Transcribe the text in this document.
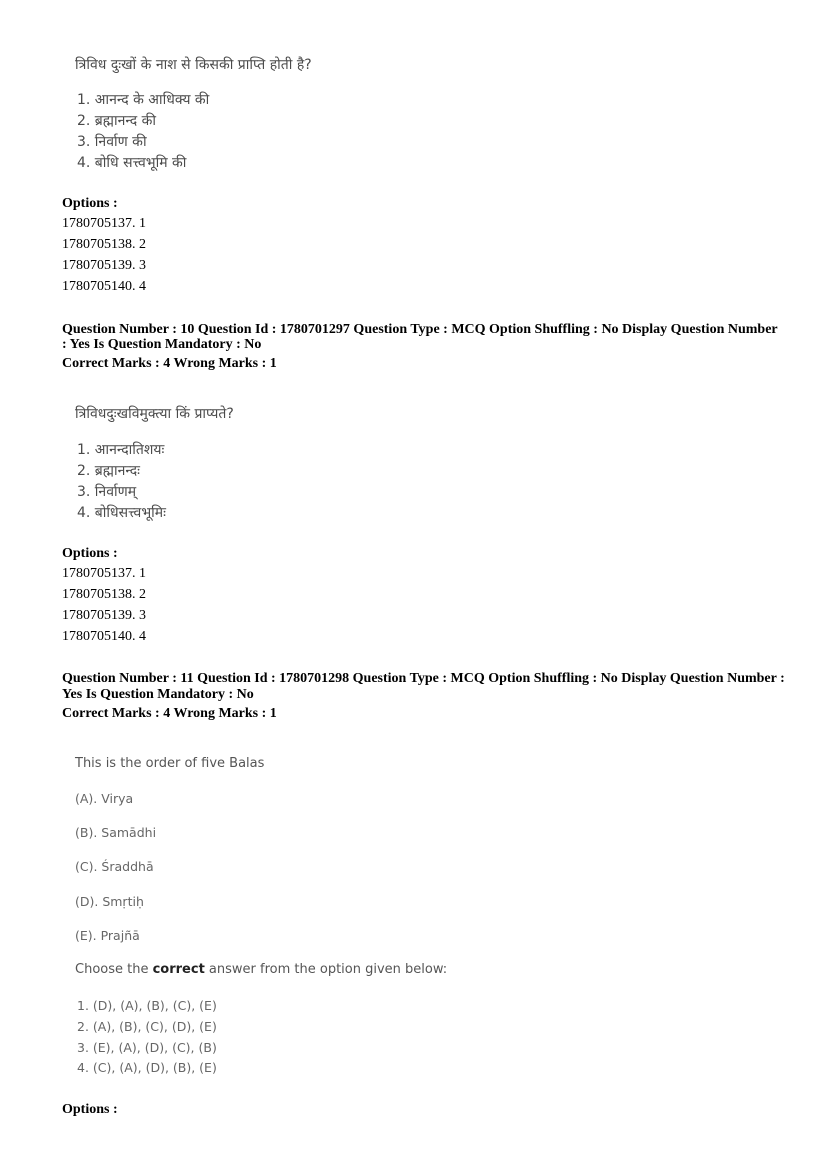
त्रिविध दुःखों के नाश से किसकी प्राप्ति होती है?
1. आनन्द के आधिक्य की
2. ब्रह्मानन्द की
3. निर्वाण की
4. बोधि सत्त्वभूमि की
Options :
1780705137. 1
1780705138. 2
1780705139. 3
1780705140. 4
Question Number : 10 Question Id : 1780701297 Question Type : MCQ Option Shuffling : No Display Question Number
: Yes Is Question Mandatory : No
Correct Marks : 4 Wrong Marks : 1
त्रिविधदुःखविमुक्त्या किं प्राप्यते?
1. आनन्दातिशयः
2. ब्रह्मानन्दः
3. निर्वाणम्
4. बोधिसत्त्वभूमिः
Options :
1780705137. 1
1780705138. 2
1780705139. 3
1780705140. 4
Question Number : 11 Question Id : 1780701298 Question Type : MCQ Option Shuffling : No Display Question Number :
Yes Is Question Mandatory : No
Correct Marks : 4 Wrong Marks : 1
This is the order of five Balas
(A). Virya
(B). Samādhi
(C). Śraddhā
(D). Smṛtiḥ
(E). Prajñā
Choose the correct answer from the option given below:
1. (D), (A), (B), (C), (E)
2. (A), (B), (C), (D), (E)
3. (E), (A), (D), (C), (B)
4. (C), (A), (D), (B), (E)
Options :
